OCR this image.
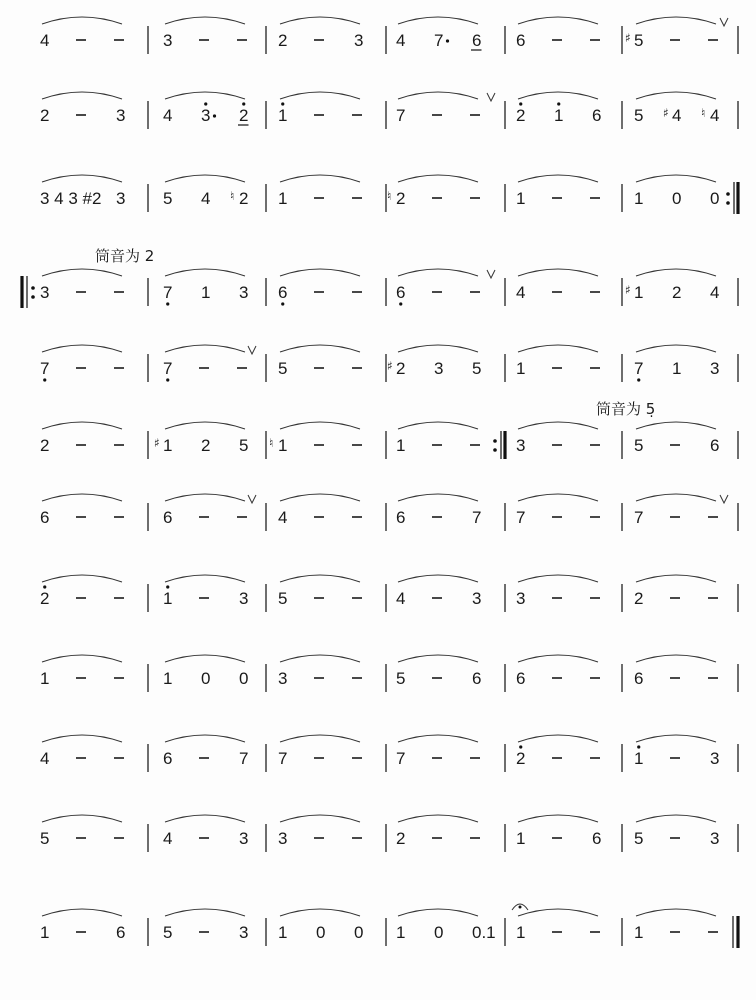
4	3	2	3 4 7 6 6	♯ 5
2	3 4 3 2 1	7	2 1 6 5 ♯ 4 ♮ 4
3 4 3 #2 3 5 4 ♮ 2 1	♮ 2	1	1 0 0
3	7 1 3 6	6	4	♯ 1 2 4
7	7	5	♯ 2 3 5 1	7 1 3
2	♯ 1 2 5 ♮ 1	1	3	5	6
6	6	4	6	7 7	7
2	1	3 5	4	3 3	2
1	1 0 0 3	5	6 6	6
4	6	7 7	7	2	1	3
5	4	3 3	2	1	6 5	3
1	6 5	3 1 0 0 1 0 0.1 1	1
筒音为 2
筒音为 5̣
